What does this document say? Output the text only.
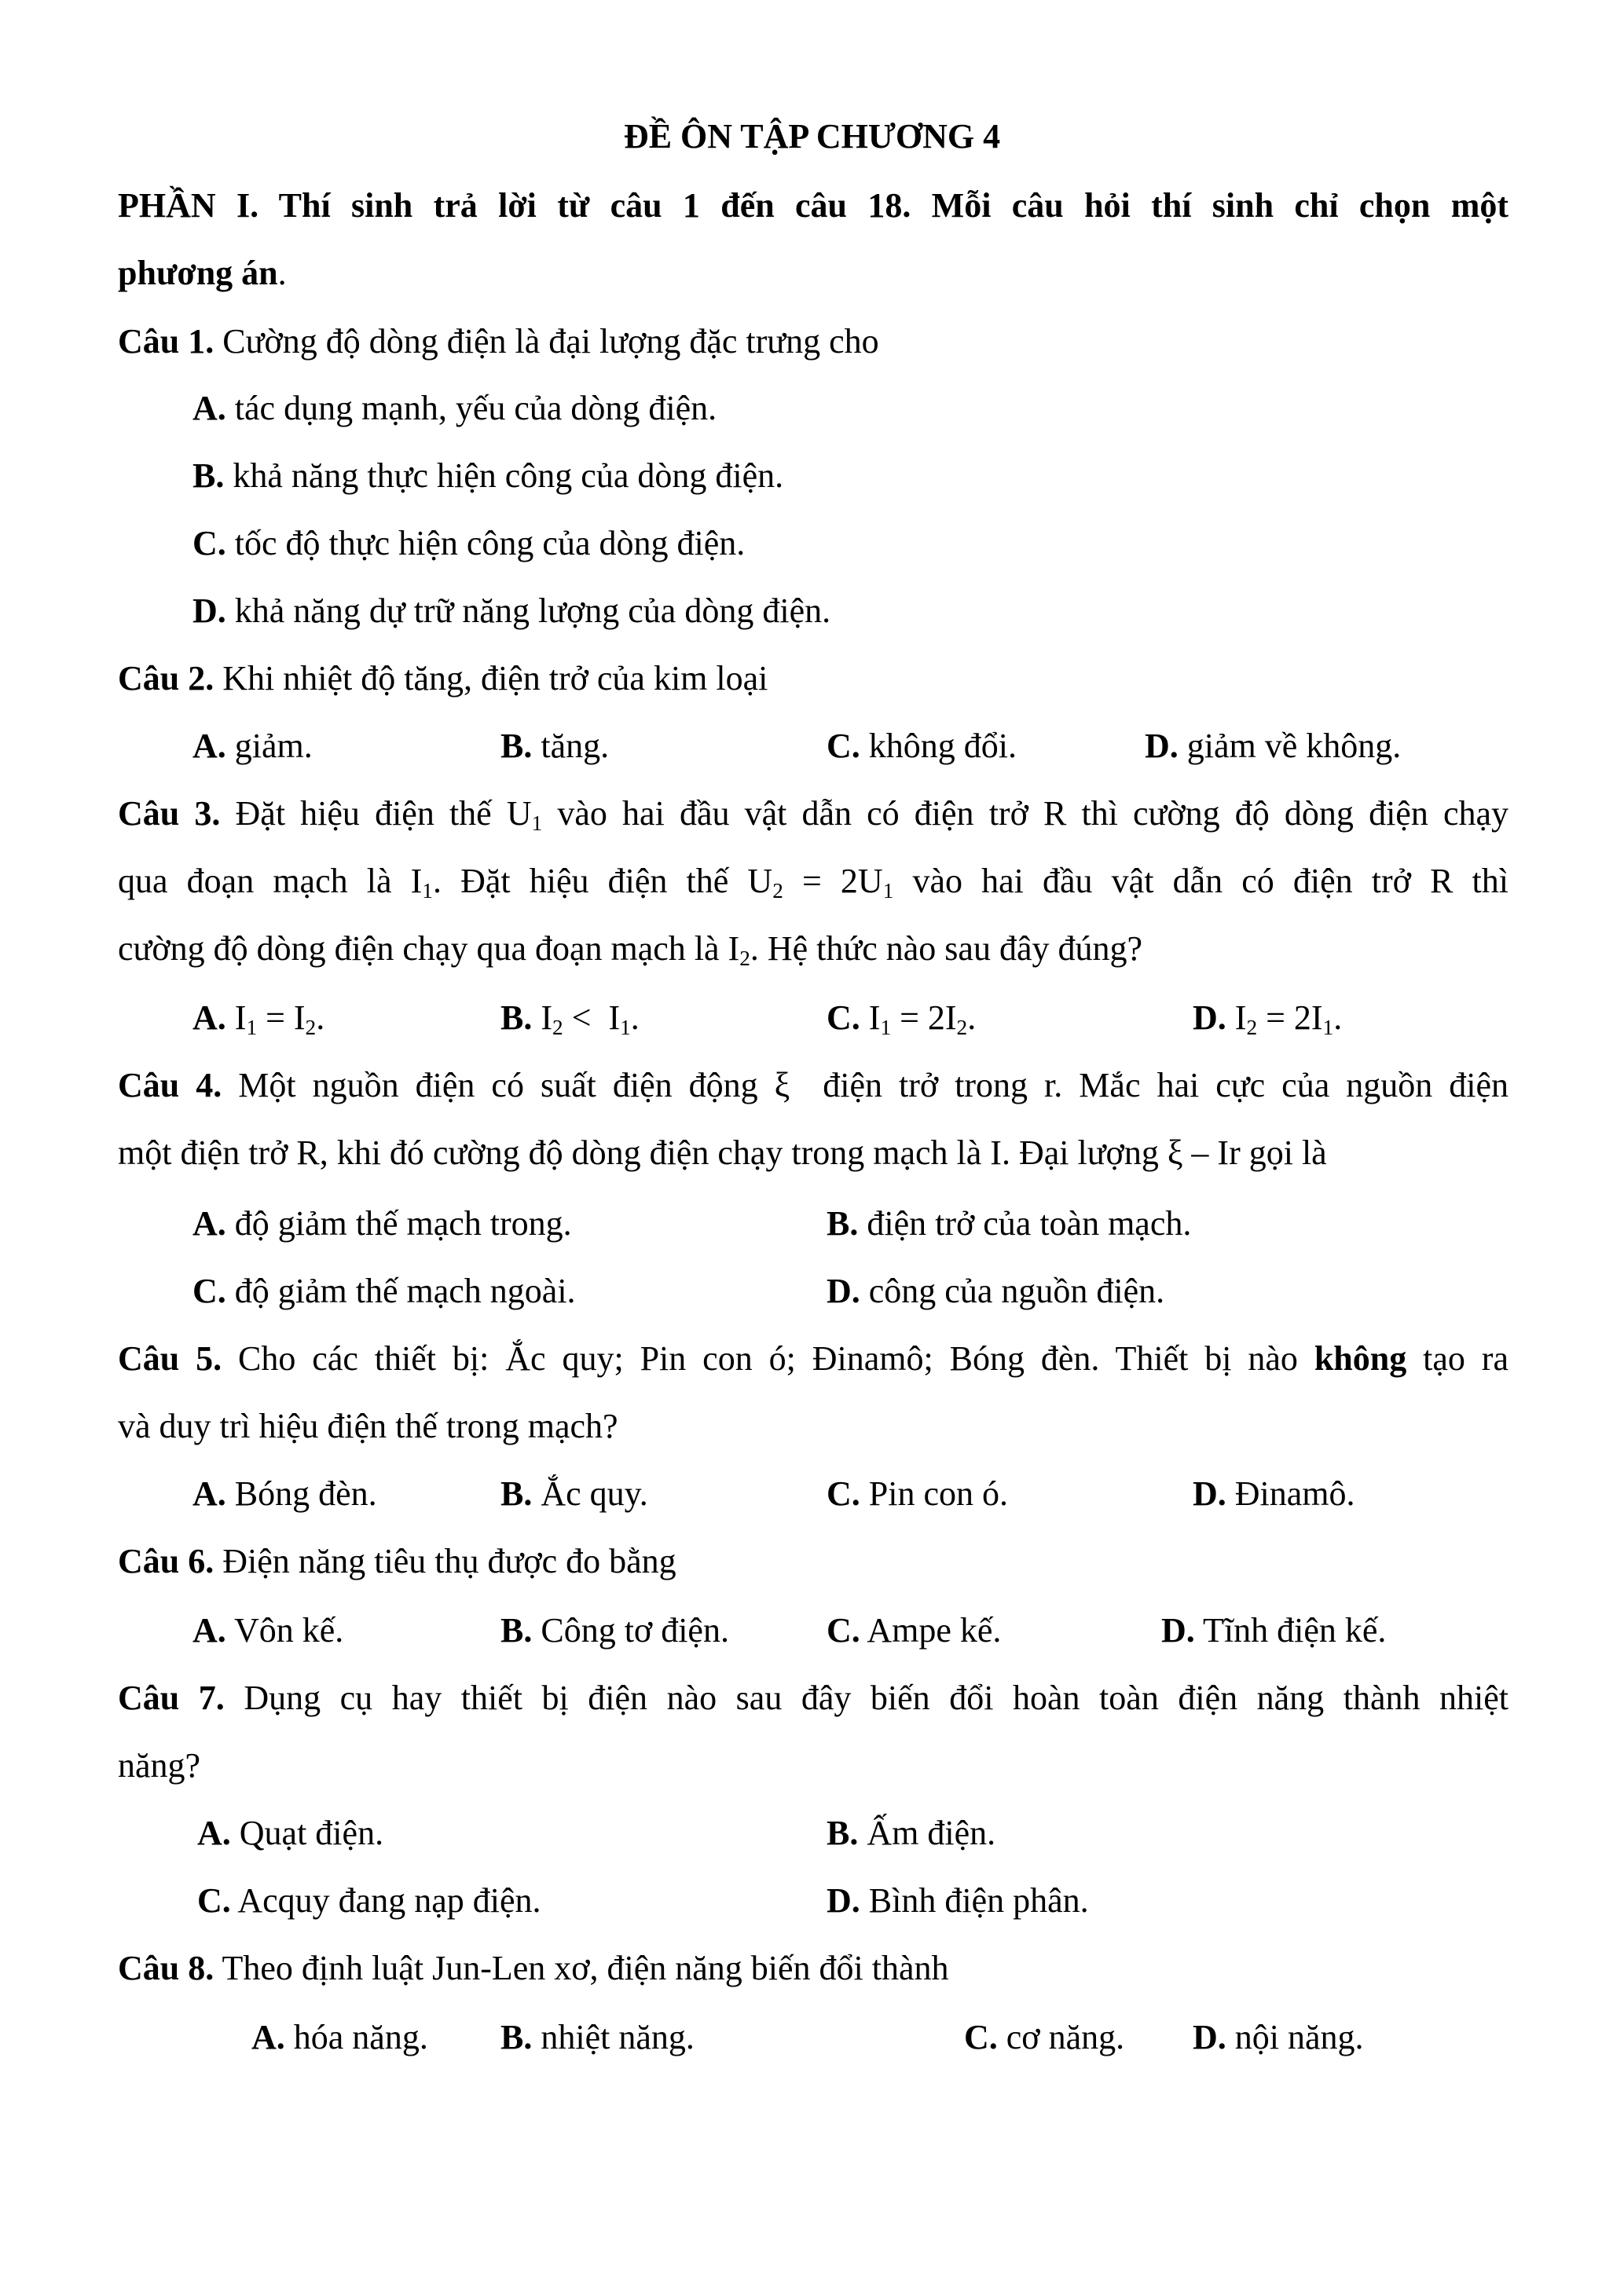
ĐỀ ÔN TẬP CHƯƠNG 4
PHẦN I. Thí sinh trả lời từ câu 1 đến câu 18. Mỗi câu hỏi thí sinh chỉ chọn một
phương án.
Câu 1. Cường độ dòng điện là đại lượng đặc trưng cho
A. tác dụng mạnh, yếu của dòng điện.
B. khả năng thực hiện công của dòng điện.
C. tốc độ thực hiện công của dòng điện.
D. khả năng dự trữ năng lượng của dòng điện.
Câu 2. Khi nhiệt độ tăng, điện trở của kim loại
A. giảm.	B. tăng.	C. không đổi.	D. giảm về không.
Câu 3. Đặt hiệu điện thế $U_1$ vào hai đầu vật dẫn có điện trở R thì cường độ dòng điện chạy
qua đoạn mạch là $I_1$. Đặt hiệu điện thế $U_2 = 2U_1$ vào hai đầu vật dẫn có điện trở R thì
cường độ dòng điện chạy qua đoạn mạch là $I_2$. Hệ thức nào sau đây đúng?
A. $I_1 = I_2$.	B. $I_2 < I_1$.	C. $I_1 = 2I_2$.	D. $I_2 = 2I_1$.
Câu 4. Một nguồn điện có suất điện động ξ  điện trở trong r. Mắc hai cực của nguồn điện
một điện trở R, khi đó cường độ dòng điện chạy trong mạch là I. Đại lượng ξ – Ir gọi là
A. độ giảm thế mạch trong.	B. điện trở của toàn mạch.
C. độ giảm thế mạch ngoài.	D. công của nguồn điện.
Câu 5. Cho các thiết bị: Ắc quy; Pin con ó; Đinamô; Bóng đèn. Thiết bị nào không tạo ra
và duy trì hiệu điện thế trong mạch?
A. Bóng đèn.	B. Ắc quy.	C. Pin con ó.	D. Đinamô.
Câu 6. Điện năng tiêu thụ được đo bằng
A. Vôn kế.	B. Công tơ điện.	C. Ampe kế.	D. Tĩnh điện kế.
Câu 7. Dụng cụ hay thiết bị điện nào sau đây biến đổi hoàn toàn điện năng thành nhiệt
năng?
A. Quạt điện.	B. Ấm điện.
C. Acquy đang nạp điện.	D. Bình điện phân.
Câu 8. Theo định luật Jun-Len xơ, điện năng biến đổi thành
A. hóa năng. B. nhiệt năng.	C. cơ năng. D. nội năng.
